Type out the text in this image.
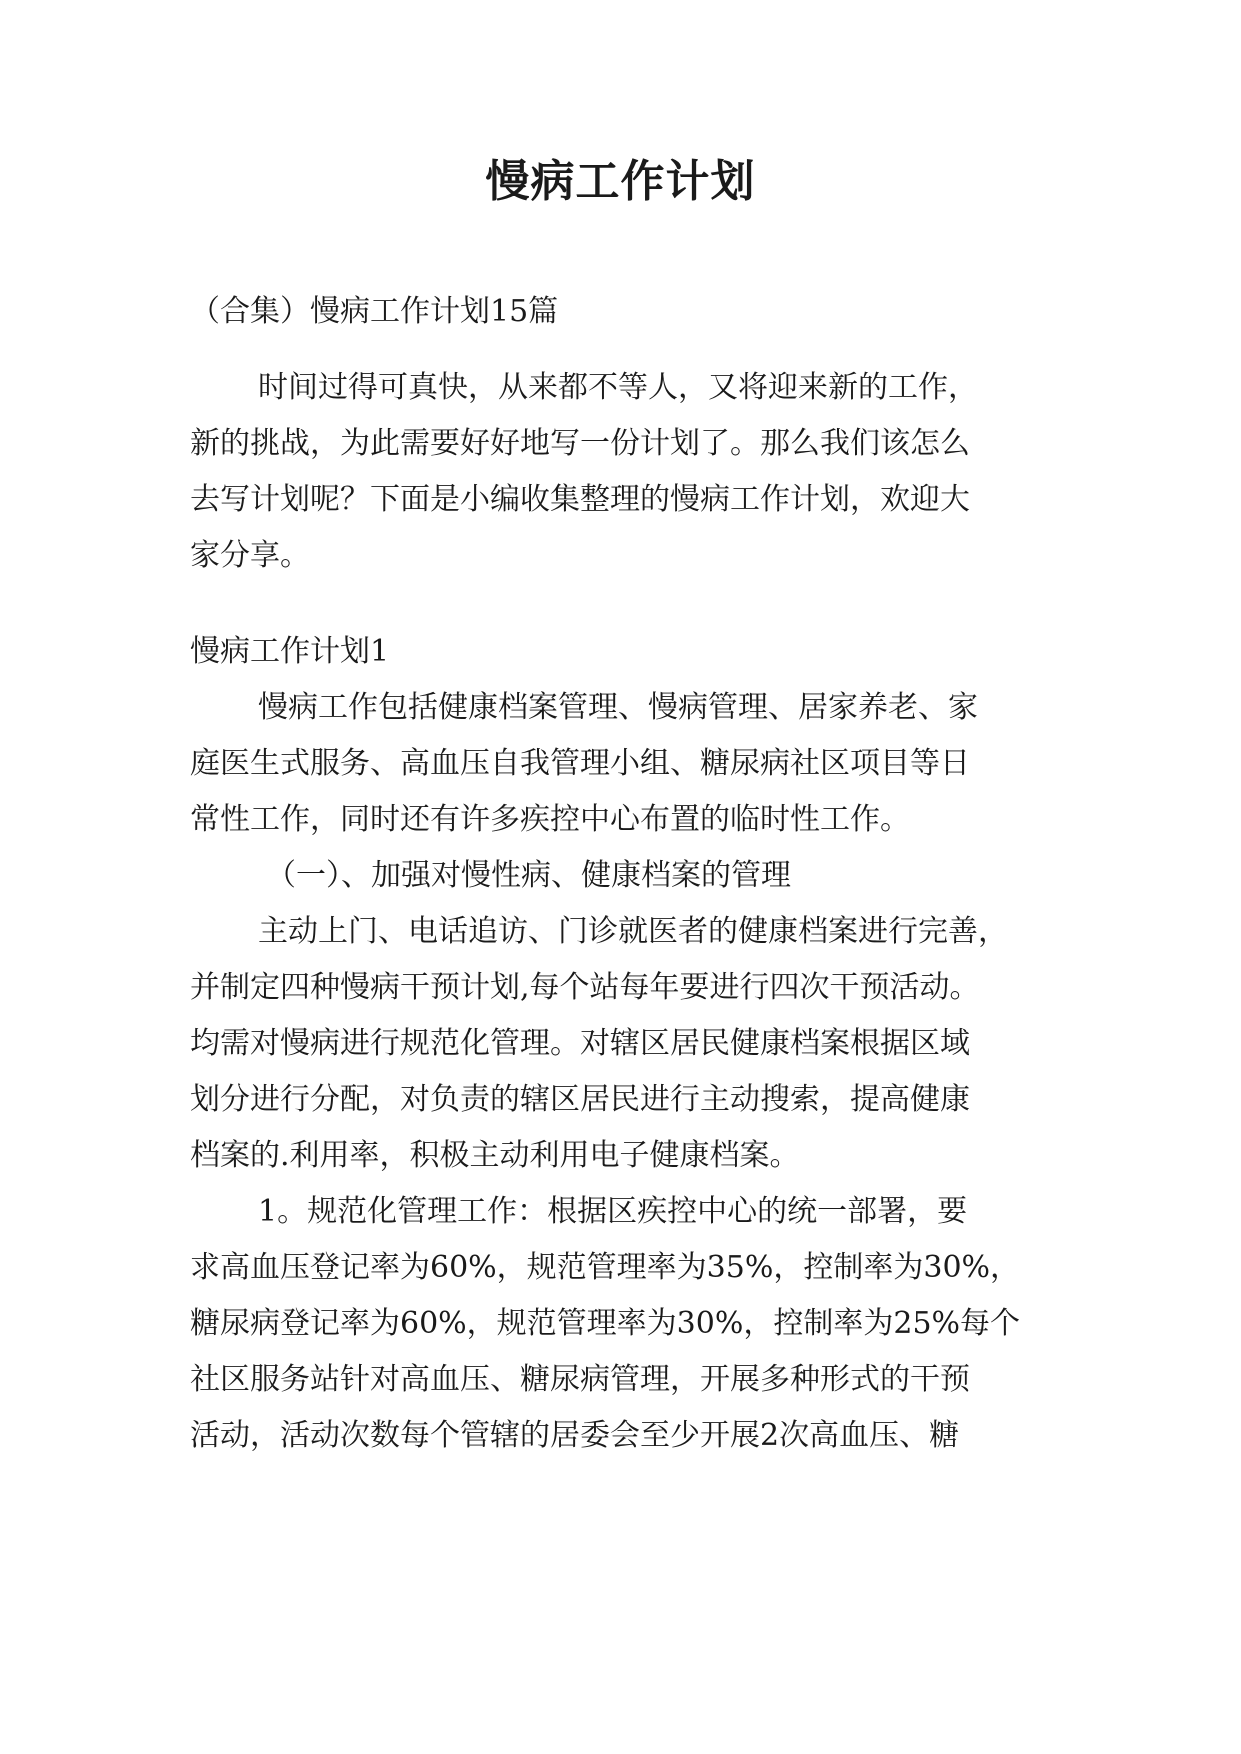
慢病工作计划
（合集）慢病工作计划15篇
时间过得可真快，从来都不等人，又将迎来新的工作，
新的挑战，为此需要好好地写一份计划了。那么我们该怎么
去写计划呢？下面是小编收集整理的慢病工作计划，欢迎大
家分享。
慢病工作计划1
慢病工作包括健康档案管理、慢病管理、居家养老、家
庭医生式服务、高血压自我管理小组、糖尿病社区项目等日
常性工作，同时还有许多疾控中心布置的临时性工作。
（一）、加强对慢性病、健康档案的管理
主动上门、电话追访、门诊就医者的健康档案进行完善，
并制定四种慢病干预计划,每个站每年要进行四次干预活动。
均需对慢病进行规范化管理。对辖区居民健康档案根据区域
划分进行分配，对负责的辖区居民进行主动搜索，提高健康
档案的.利用率，积极主动利用电子健康档案。
1。规范化管理工作：根据区疾控中心的统一部署，要
求高血压登记率为60%，规范管理率为35%，控制率为30%，
糖尿病登记率为60%，规范管理率为30%，控制率为25%每个
社区服务站针对高血压、糖尿病管理，开展多种形式的干预
活动，活动次数每个管辖的居委会至少开展2次高血压、糖
